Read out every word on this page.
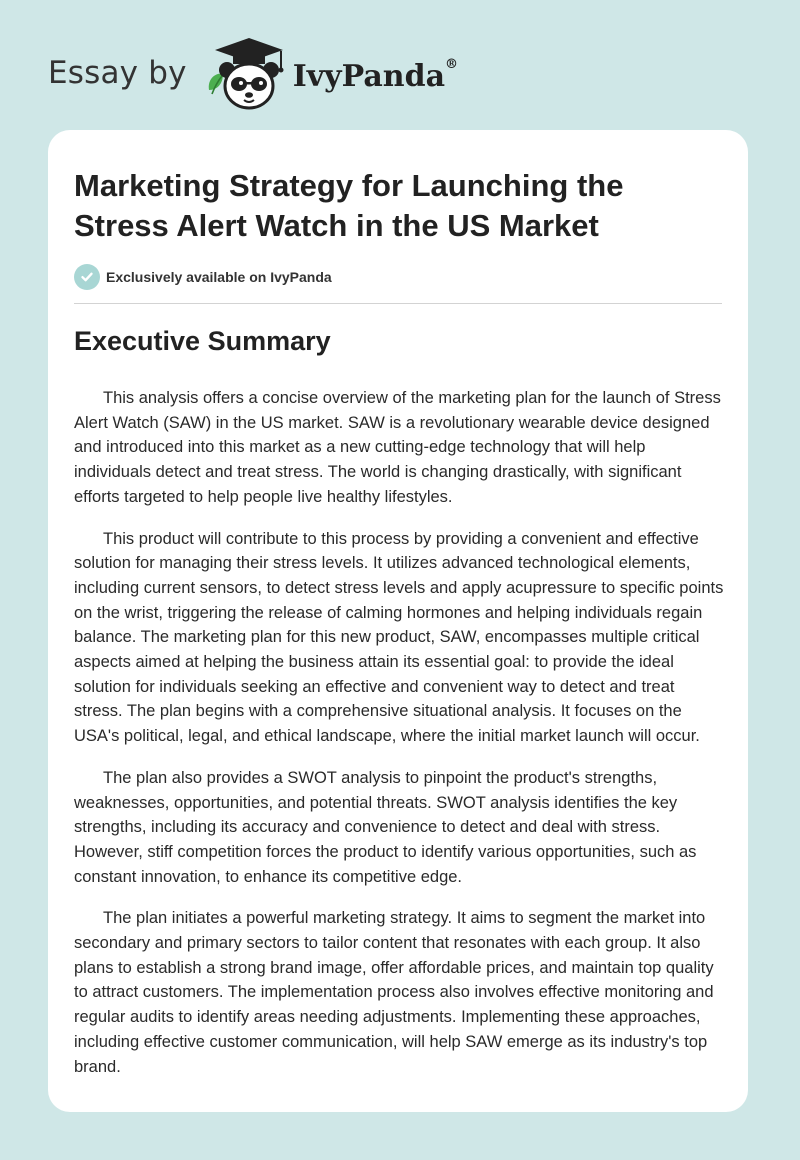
Essay by	IvyPanda®
Marketing Strategy for Launching the Stress Alert Watch in the US Market
Exclusively available on IvyPanda
Executive Summary

This analysis offers a concise overview of the marketing plan for the launch of Stress Alert Watch (SAW) in the US market. SAW is a revolutionary wearable device designed and introduced into this market as a new cutting-edge technology that will help individuals detect and treat stress. The world is changing drastically, with significant efforts targeted to help people live healthy lifestyles.

This product will contribute to this process by providing a convenient and effective solution for managing their stress levels. It utilizes advanced technological elements, including current sensors, to detect stress levels and apply acupressure to specific points on the wrist, triggering the release of calming hormones and helping individuals regain balance. The marketing plan for this new product, SAW, encompasses multiple critical aspects aimed at helping the business attain its essential goal: to provide the ideal solution for individuals seeking an effective and convenient way to detect and treat stress. The plan begins with a comprehensive situational analysis. It focuses on the USA's political, legal, and ethical landscape, where the initial market launch will occur.

The plan also provides a SWOT analysis to pinpoint the product's strengths, weaknesses, opportunities, and potential threats. SWOT analysis identifies the key strengths, including its accuracy and convenience to detect and deal with stress. However, stiff competition forces the product to identify various opportunities, such as constant innovation, to enhance its competitive edge.

The plan initiates a powerful marketing strategy. It aims to segment the market into secondary and primary sectors to tailor content that resonates with each group. It also plans to establish a strong brand image, offer affordable prices, and maintain top quality to attract customers. The implementation process also involves effective monitoring and regular audits to identify areas needing adjustments. Implementing these approaches, including effective customer communication, will help SAW emerge as its industry's top brand.
